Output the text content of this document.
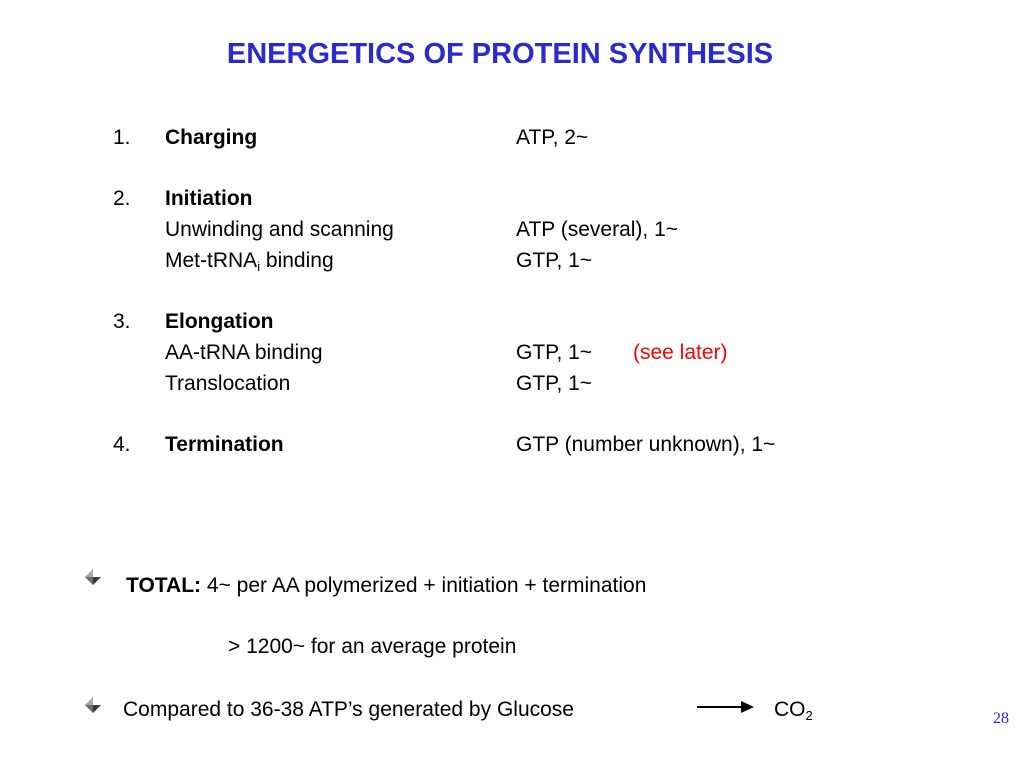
ENERGETICS OF PROTEIN SYNTHESIS
1. Charging	ATP, 2~
2. Initiation
Unwinding and scanning	ATP (several), 1~
Met-tRNA$_i$ binding	GTP, 1~
3. Elongation
AA-tRNA binding	GTP, 1~ (see later)
Translocation	GTP, 1~
4. Termination	GTP (number unknown), 1~
TOTAL: 4~ per AA polymerized + initiation + termination
> 1200~ for an average protein
Compared to 36-38 ATP’s generated by Glucose	$CO_2$	28
